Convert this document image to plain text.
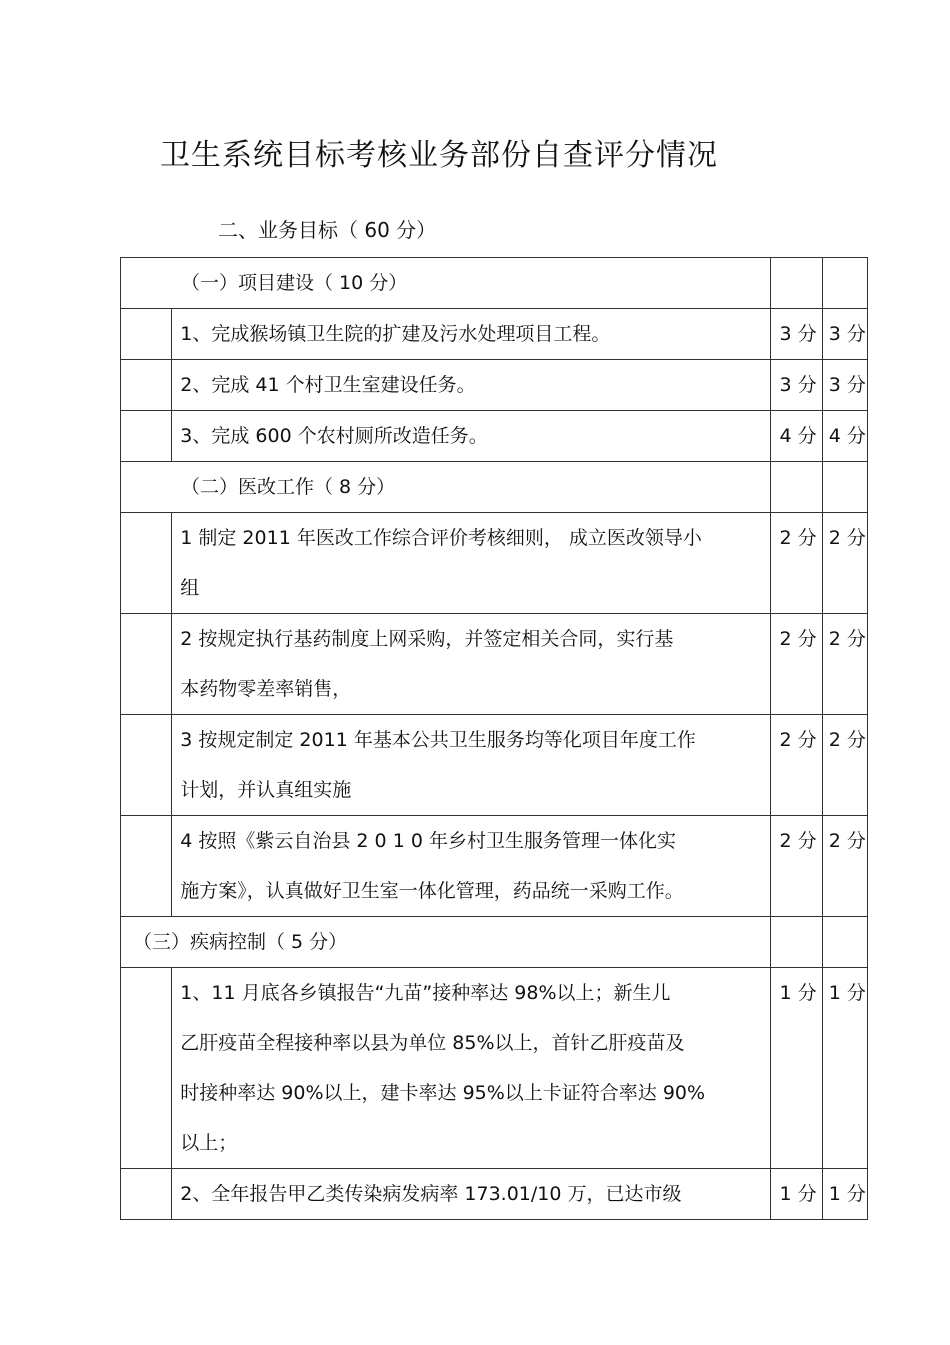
卫生系统目标考核业务部份自查评分情况
二、业务目标（ 60 分）
（一）项目建设（ 10 分）			

	1、完成猴场镇卫生院的扩建及污水处理项目工程。	3 分	3 分

	2、完成 41 个村卫生室建设任务。	3 分	3 分

	3、完成 600 个农村厕所改造任务。	4 分	4 分
（二）医改工作（ 8 分）			

	1 制定 2011 年医改工作综合评价考核细则， 成立医改领导小
组	2 分	2 分

	2 按规定执行基药制度上网采购，并签定相关合同，实行基
本药物零差率销售，	2 分	2 分

	3 按规定制定 2011 年基本公共卫生服务均等化项目年度工作
计划，并认真组实施	2 分	2 分

	4 按照《紫云自治县 2 0 1 0 年乡村卫生服务管理一体化实
施方案》，认真做好卫生室一体化管理，药品统一采购工作。	2 分	2 分
（三）疾病控制（ 5 分）			

	1、11 月底各乡镇报告“九苗”接种率达 98%以上；新生儿
乙肝疫苗全程接种率以县为单位 85%以上，首针乙肝疫苗及
时接种率达 90%以上，建卡率达 95%以上卡证符合率达 90%
以上；	1 分	1 分

	2、全年报告甲乙类传染病发病率 173.01/10 万，已达市级	1 分	1 分
